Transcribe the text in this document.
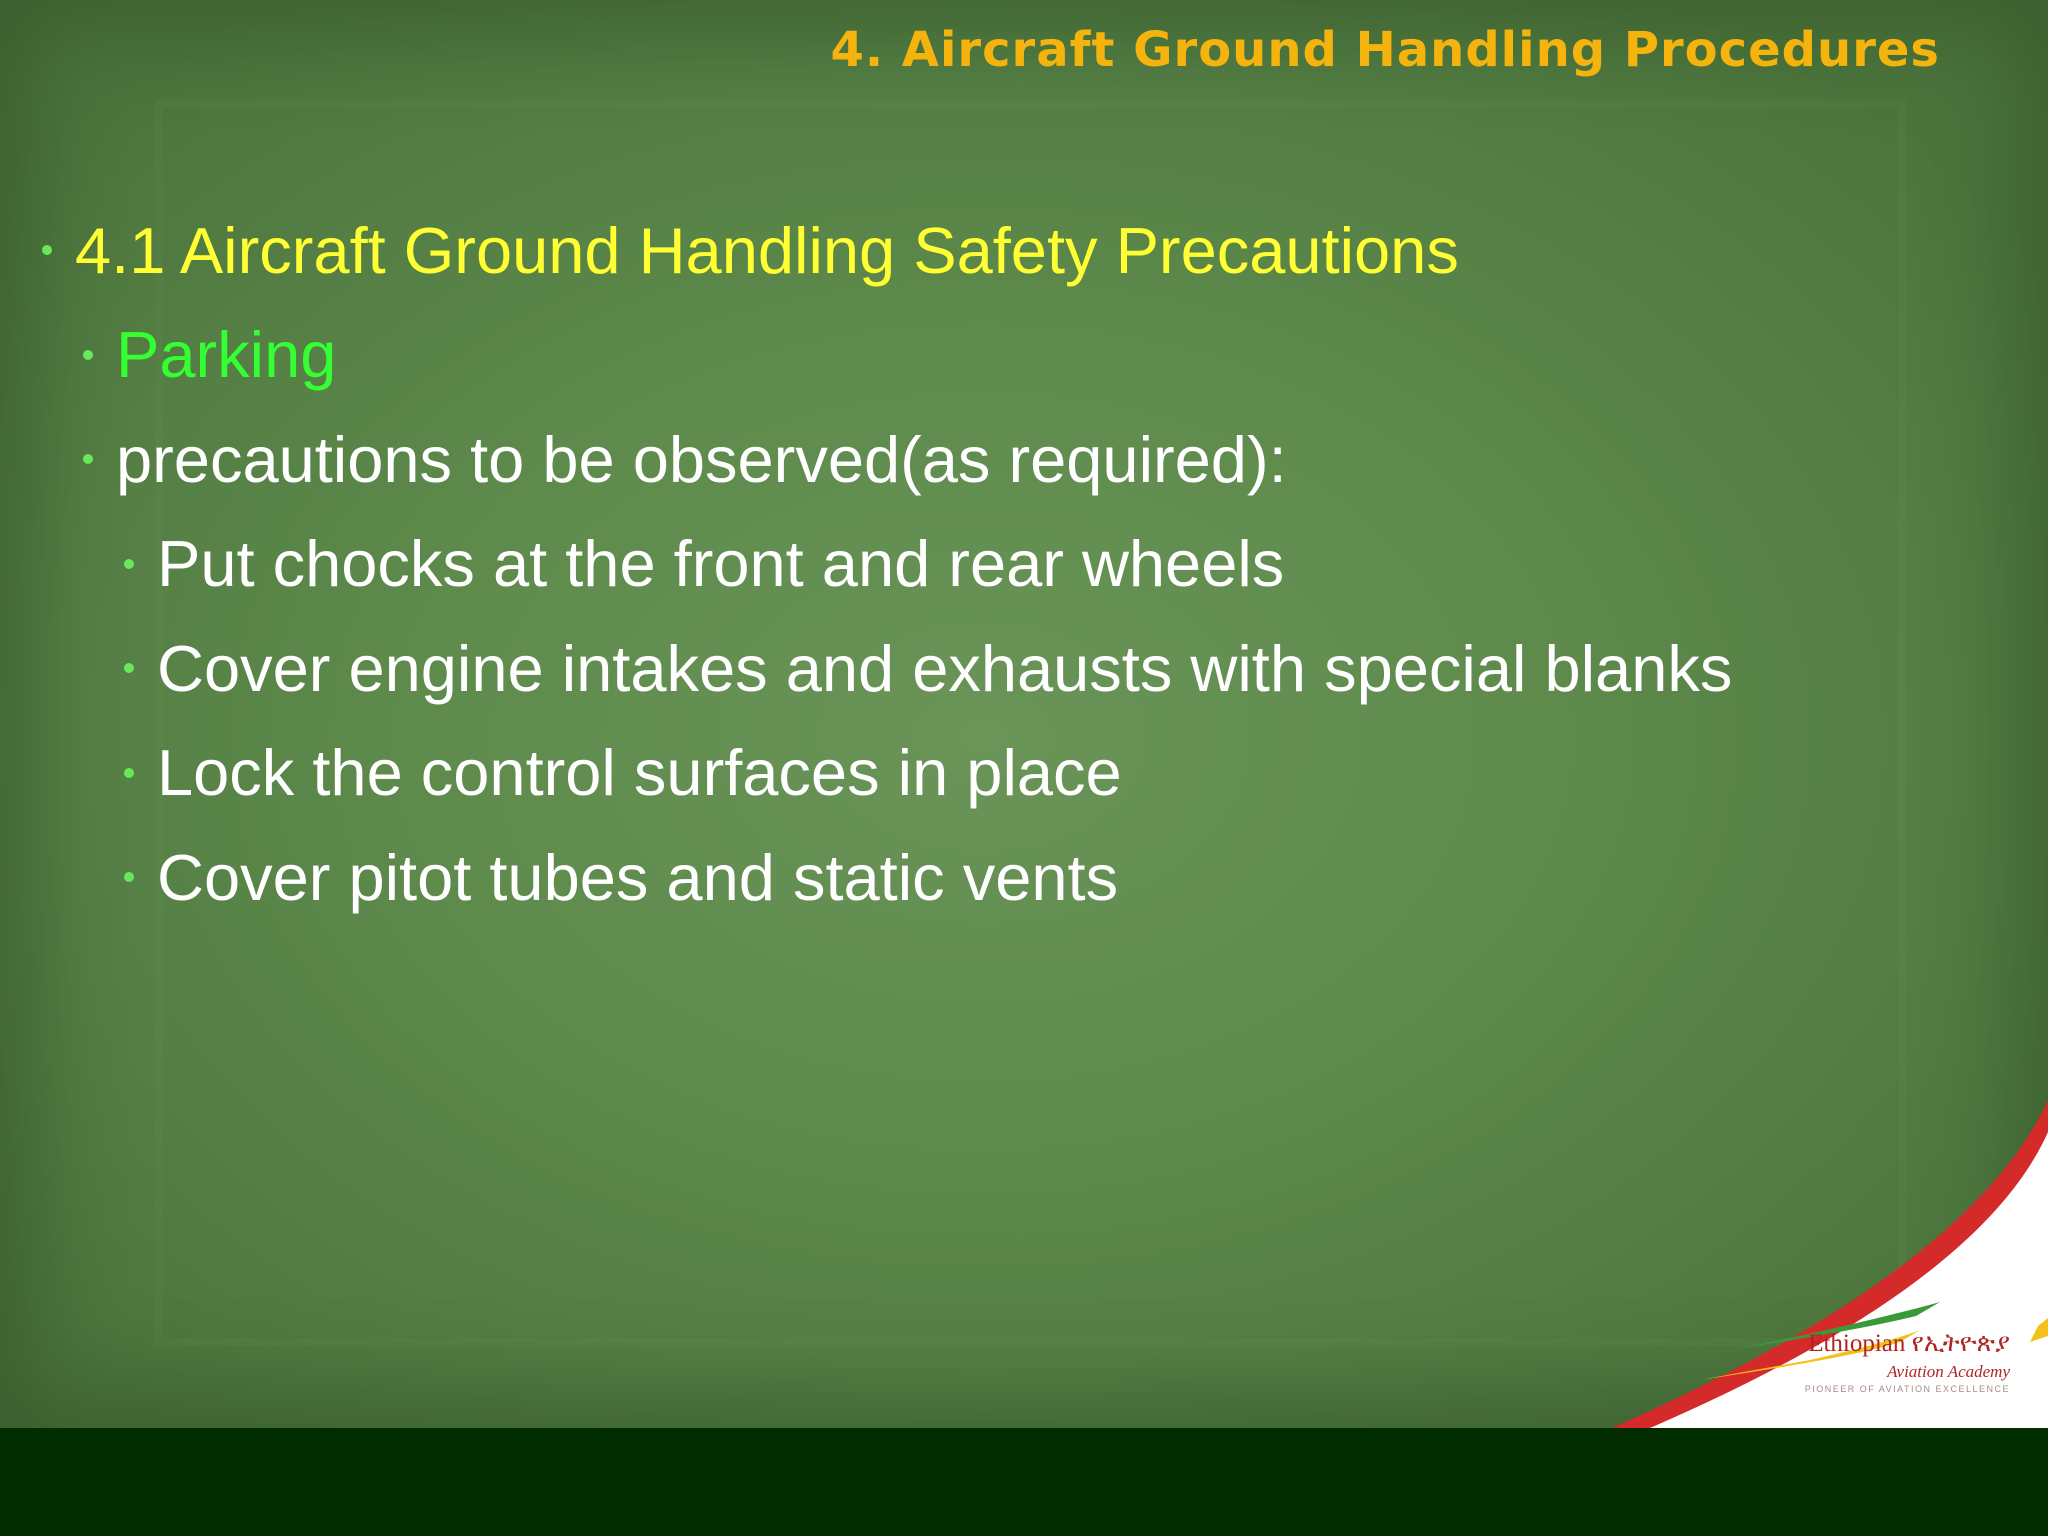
4. Aircraft Ground Handling Procedures
4.1 Aircraft Ground Handling Safety Precautions
Parking
precautions to be observed(as required):
Put chocks at the front and rear wheels
Cover engine intakes and exhausts with special blanks
Lock the control surfaces in place
Cover pitot tubes and static vents
Ethiopian የኢትዮጵያ
Aviation Academy
PIONEER OF AVIATION EXCELLENCE
